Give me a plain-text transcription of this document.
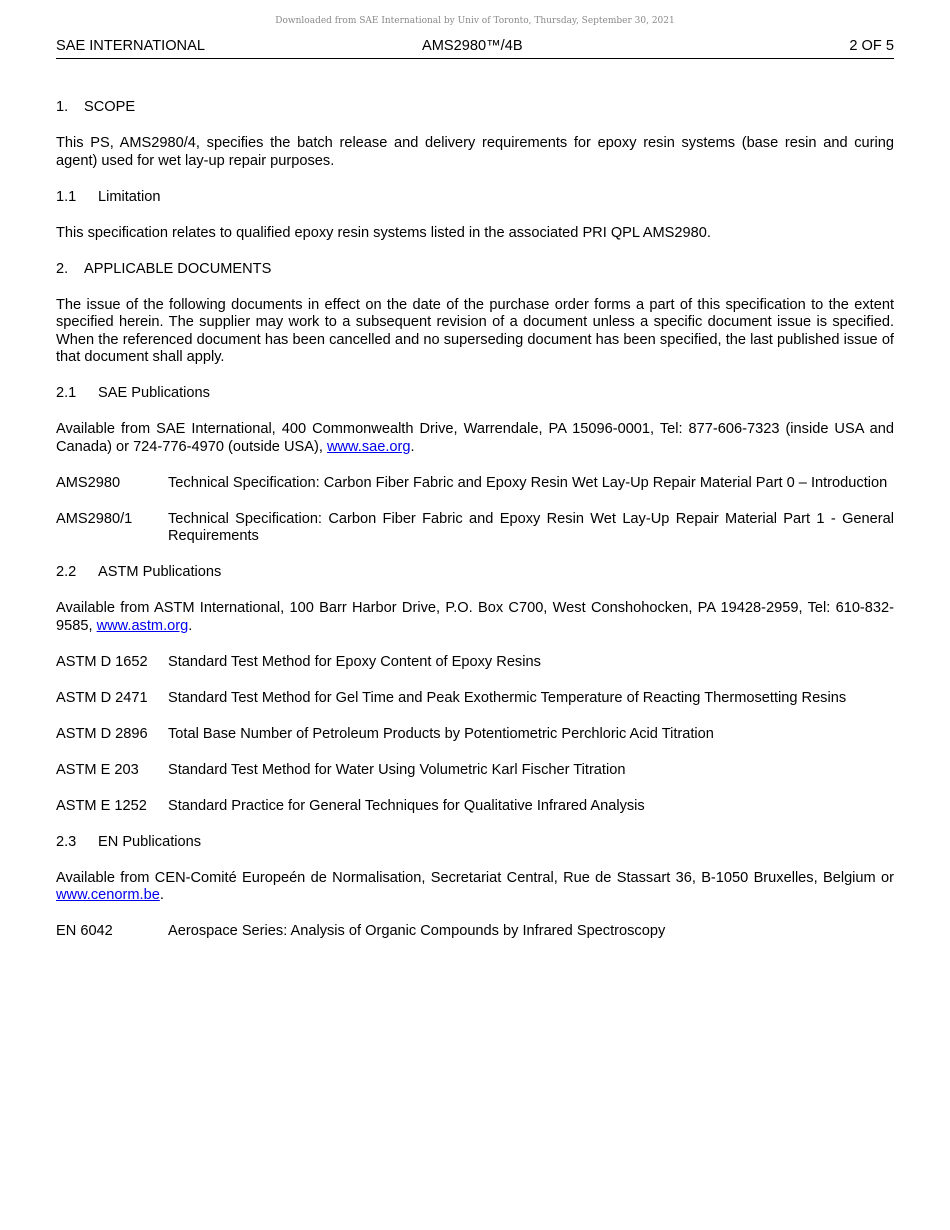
Downloaded from SAE International by Univ of Toronto, Thursday, September 30, 2021
SAE INTERNATIONAL	AMS2980™/4B	2 OF 5
1. SCOPE

This PS, AMS2980/4, specifies the batch release and delivery requirements for epoxy resin systems (base resin and curing agent) used for wet lay-up repair purposes.

1.1 Limitation

This specification relates to qualified epoxy resin systems listed in the associated PRI QPL AMS2980.

2. APPLICABLE DOCUMENTS

The issue of the following documents in effect on the date of the purchase order forms a part of this specification to the extent specified herein. The supplier may work to a subsequent revision of a document unless a specific document issue is specified. When the referenced document has been cancelled and no superseding document has been specified, the last published issue of that document shall apply.

2.1 SAE Publications

Available from SAE International, 400 Commonwealth Drive, Warrendale, PA 15096-0001, Tel: 877-606-7323 (inside USA and Canada) or 724-776-4970 (outside USA), www.sae.org.

AMS2980	Technical Specification: Carbon Fiber Fabric and Epoxy Resin Wet Lay-Up Repair Material Part 0 – Introduction
AMS2980/1	Technical Specification: Carbon Fiber Fabric and Epoxy Resin Wet Lay-Up Repair Material Part 1 - General Requirements
2.2 ASTM Publications

Available from ASTM International, 100 Barr Harbor Drive, P.O. Box C700, West Conshohocken, PA 19428-2959, Tel: 610-832-9585, www.astm.org.

ASTM D 1652	Standard Test Method for Epoxy Content of Epoxy Resins
ASTM D 2471	Standard Test Method for Gel Time and Peak Exothermic Temperature of Reacting Thermosetting Resins
ASTM D 2896	Total Base Number of Petroleum Products by Potentiometric Perchloric Acid Titration
ASTM E 203	Standard Test Method for Water Using Volumetric Karl Fischer Titration
ASTM E 1252	Standard Practice for General Techniques for Qualitative Infrared Analysis
2.3 EN Publications

Available from CEN-Comité Europeén de Normalisation, Secretariat Central, Rue de Stassart 36, B-1050 Bruxelles, Belgium or www.cenorm.be.

EN 6042	Aerospace Series: Analysis of Organic Compounds by Infrared Spectroscopy
